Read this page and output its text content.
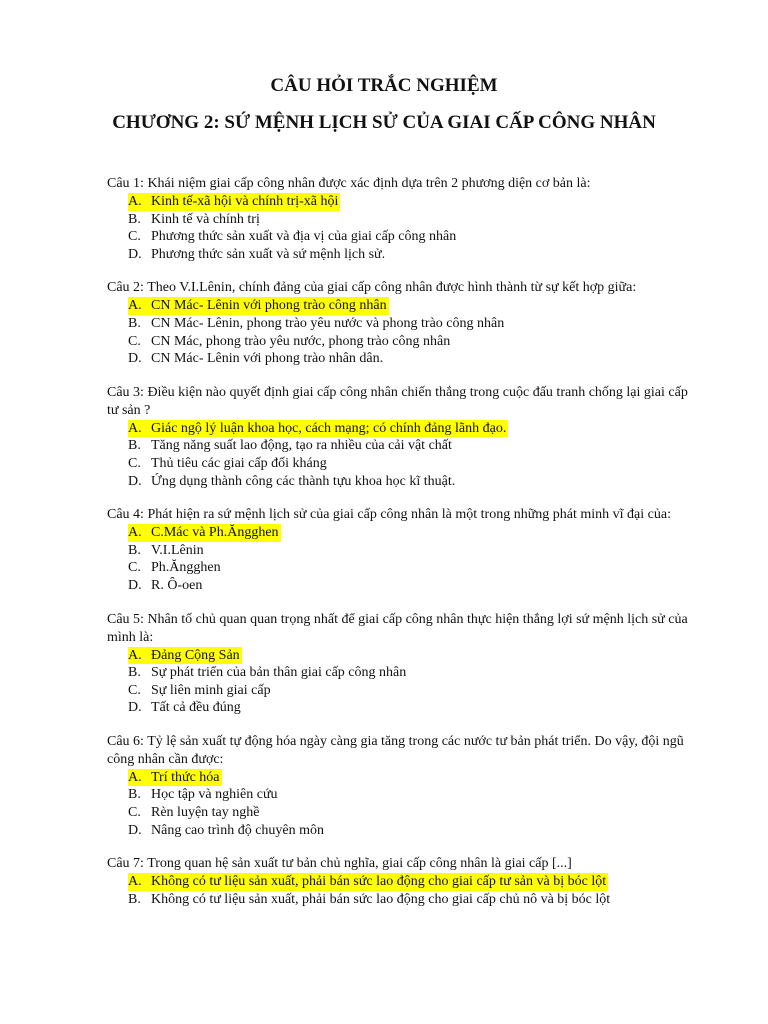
CÂU HỎI TRẮC NGHIỆM
CHƯƠNG 2: SỨ MỆNH LỊCH SỬ CỦA GIAI CẤP CÔNG NHÂN

Câu 1: Khái niệm giai cấp công nhân được xác định dựa trên 2 phương diện cơ bản là:

A. Kinh tế-xã hội và chính trị-xã hội
B. Kinh tế và chính trị
C. Phương thức sản xuất và địa vị của giai cấp công nhân
D. Phương thức sản xuất và sứ mệnh lịch sử.

Câu 2: Theo V.I.Lênin, chính đảng của giai cấp công nhân được hình thành từ sự kết hợp giữa:

A. CN Mác- Lênin với phong trào công nhân
B. CN Mác- Lênin, phong trào yêu nước và phong trào công nhân
C. CN Mác, phong trào yêu nước, phong trào công nhân
D. CN Mác- Lênin với phong trào nhân dân.

Câu 3: Điều kiện nào quyết định giai cấp công nhân chiến thắng trong cuộc đấu tranh chống lại giai cấp tư sản ?

A. Giác ngộ lý luận khoa học, cách mạng; có chính đảng lãnh đạo.
B. Tăng năng suất lao động, tạo ra nhiều của cải vật chất
C. Thủ tiêu các giai cấp đối kháng
D. Ứng dụng thành công các thành tựu khoa học kĩ thuật.

Câu 4: Phát hiện ra sứ mệnh lịch sử của giai cấp công nhân là một trong những phát minh vĩ đại của:

A. C.Mác và Ph.Ăngghen
B. V.I.Lênin
C. Ph.Ăngghen
D. R. Ô-oen

Câu 5: Nhân tố chủ quan quan trọng nhất để giai cấp công nhân thực hiện thắng lợi sứ mệnh lịch sử của mình là:

A. Đảng Cộng Sản
B. Sự phát triển của bản thân giai cấp công nhân
C. Sự liên minh giai cấp
D. Tất cả đều đúng

Câu 6: Tỷ lệ sản xuất tự động hóa ngày càng gia tăng trong các nước tư bản phát triển. Do vậy, đội ngũ công nhân cần được:

A. Trí thức hóa
B. Học tập và nghiên cứu
C. Rèn luyện tay nghề
D. Nâng cao trình độ chuyên môn

Câu 7: Trong quan hệ sản xuất tư bản chủ nghĩa, giai cấp công nhân là giai cấp [...]

A. Không có tư liệu sản xuất, phải bán sức lao động cho giai cấp tư sản và bị bóc lột
B. Không có tư liệu sản xuất, phải bán sức lao động cho giai cấp chủ nô và bị bóc lột
